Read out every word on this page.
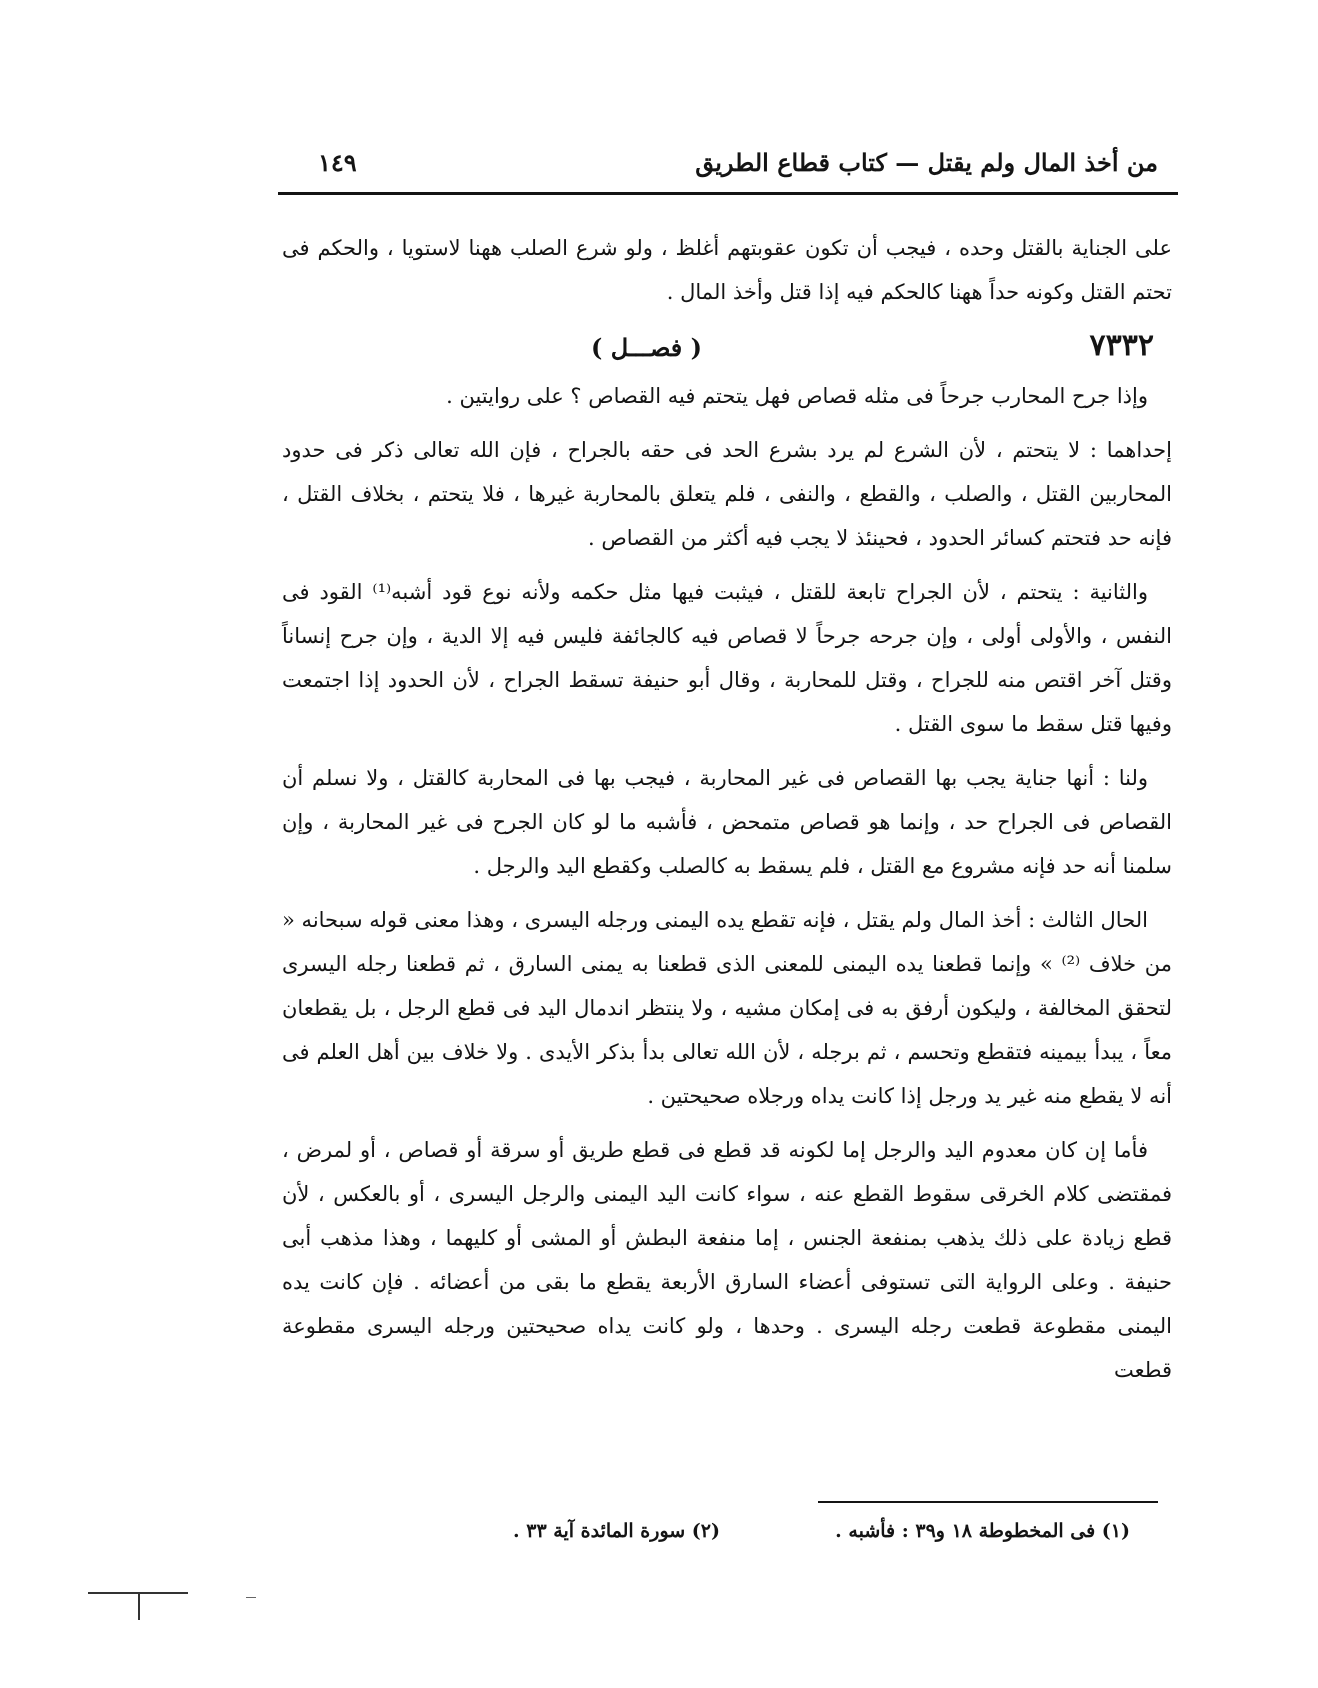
من أخذ المال ولم يقتل — كتاب قطاع الطريق
١٤٩

على الجناية بالقتل وحده ، فيجب أن تكون عقوبتهم أغلظ ، ولو شرع الصلب ههنا لاستويا ، والحكم فى تحتم القتل وكونه حداً ههنا كالحكم فيه إذا قتل وأخذ المال .

٧٣٣٢
( فصـــل )

وإذا جرح المحارب جرحاً فى مثله قصاص فهل يتحتم فيه القصاص ؟ على روايتين .

إحداهما : لا يتحتم ، لأن الشرع لم يرد بشرع الحد فى حقه بالجراح ، فإن الله تعالى ذكر فى حدود المحاربين القتل ، والصلب ، والقطع ، والنفى ، فلم يتعلق بالمحاربة غيرها ، فلا يتحتم ، بخلاف القتل ، فإنه حد فتحتم كسائر الحدود ، فحينئذ لا يجب فيه أكثر من القصاص .

والثانية : يتحتم ، لأن الجراح تابعة للقتل ، فيثبت فيها مثل حكمه ولأنه نوع قود أشبه⁽¹⁾ القود فى النفس ، والأولى أولى ، وإن جرحه جرحاً لا قصاص فيه كالجائفة فليس فيه إلا الدية ، وإن جرح إنساناً وقتل آخر اقتص منه للجراح ، وقتل للمحاربة ، وقال أبو حنيفة تسقط الجراح ، لأن الحدود إذا اجتمعت وفيها قتل سقط ما سوى القتل .

ولنا : أنها جناية يجب بها القصاص فى غير المحاربة ، فيجب بها فى المحاربة كالقتل ، ولا نسلم أن القصاص فى الجراح حد ، وإنما هو قصاص متمحض ، فأشبه ما لو كان الجرح فى غير المحاربة ، وإن سلمنا أنه حد فإنه مشروع مع القتل ، فلم يسقط به كالصلب وكقطع اليد والرجل .

الحال الثالث : أخذ المال ولم يقتل ، فإنه تقطع يده اليمنى ورجله اليسرى ، وهذا معنى قوله سبحانه « من خلاف ⁽²⁾ » وإنما قطعنا يده اليمنى للمعنى الذى قطعنا به يمنى السارق ، ثم قطعنا رجله اليسرى لتحقق المخالفة ، وليكون أرفق به فى إمكان مشيه ، ولا ينتظر اندمال اليد فى قطع الرجل ، بل يقطعان معاً ، يبدأ بيمينه فتقطع وتحسم ، ثم برجله ، لأن الله تعالى بدأ بذكر الأيدى . ولا خلاف بين أهل العلم فى أنه لا يقطع منه غير يد ورجل إذا كانت يداه ورجلاه صحيحتين .

فأما إن كان معدوم اليد والرجل إما لكونه قد قطع فى قطع طريق أو سرقة أو قصاص ، أو لمرض ، فمقتضى كلام الخرقى سقوط القطع عنه ، سواء كانت اليد اليمنى والرجل اليسرى ، أو بالعكس ، لأن قطع زيادة على ذلك يذهب بمنفعة الجنس ، إما منفعة البطش أو المشى أو كليهما ، وهذا مذهب أبى حنيفة . وعلى الرواية التى تستوفى أعضاء السارق الأربعة يقطع ما بقى من أعضائه . فإن كانت يده اليمنى مقطوعة قطعت رجله اليسرى . وحدها ، ولو كانت يداه صحيحتين ورجله اليسرى مقطوعة قطعت

(١) فى المخطوطة ١٨ و٣٩ : فأشبه .
(٢) سورة المائدة آية ٣٣ .
